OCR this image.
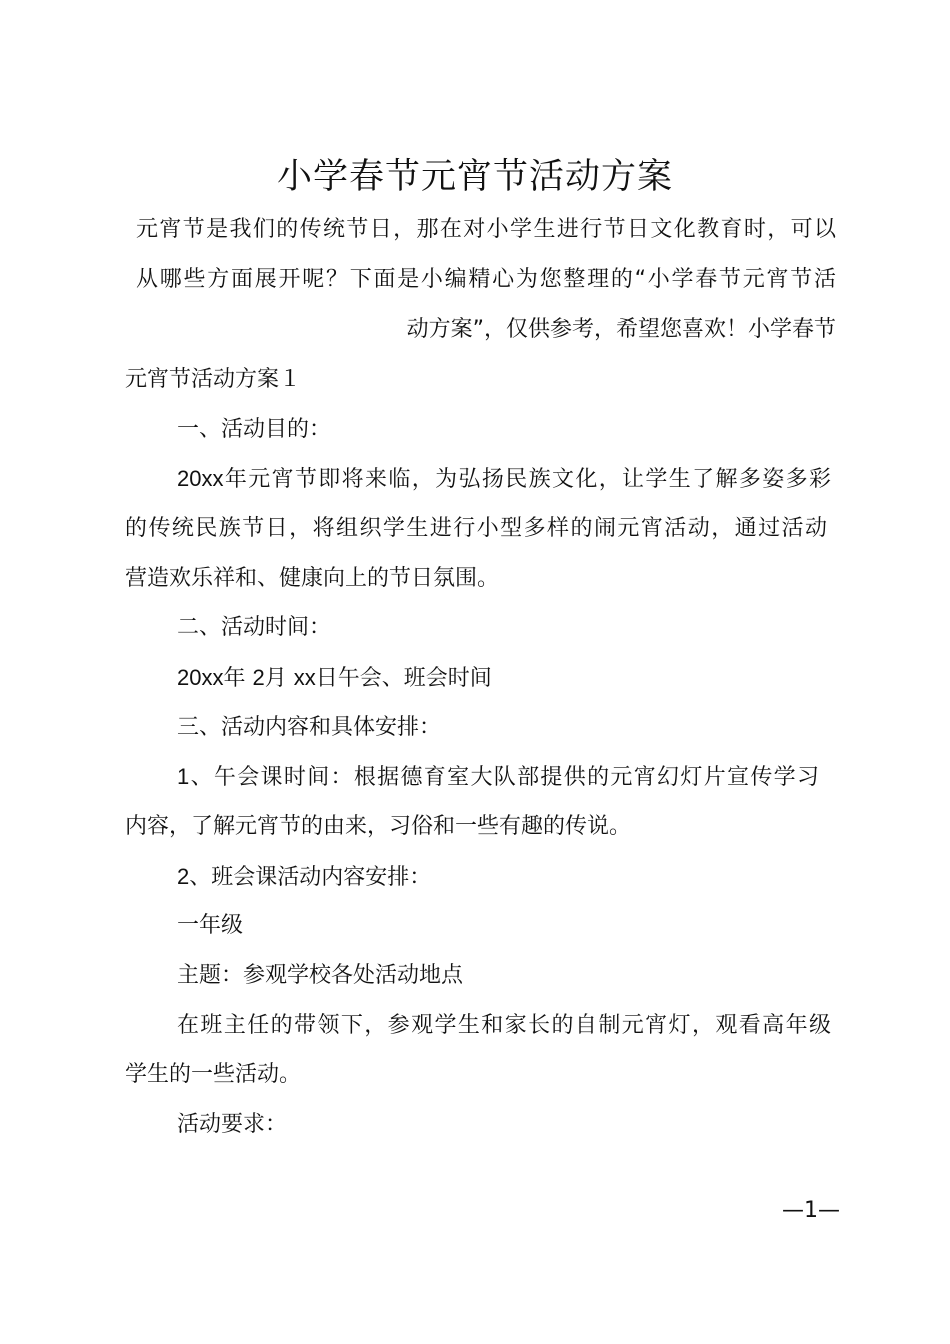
小学春节元宵节活动方案
元宵节是我们的传统节日，那在对小学生进行节日文化教育时，可以
从哪些方面展开呢？下面是小编精心为您整理的“小学春节元宵节活
动方案”，仅供参考，希望您喜欢！小学春节
元宵节活动方案１
一、活动目的：
20xx年元宵节即将来临，为弘扬民族文化，让学生了解多姿多彩
的传统民族节日，将组织学生进行小型多样的闹元宵活动，通过活动
营造欢乐祥和、健康向上的节日氛围。
二、活动时间：
20xx年 2月 xx日午会、班会时间
三、活动内容和具体安排：
1、午会课时间：根据德育室大队部提供的元宵幻灯片宣传学习
内容，了解元宵节的由来，习俗和一些有趣的传说。
2、班会课活动内容安排：
一年级
主题：参观学校各处活动地点
在班主任的带领下，参观学生和家长的自制元宵灯，观看高年级
学生的一些活动。
活动要求：
—1—
